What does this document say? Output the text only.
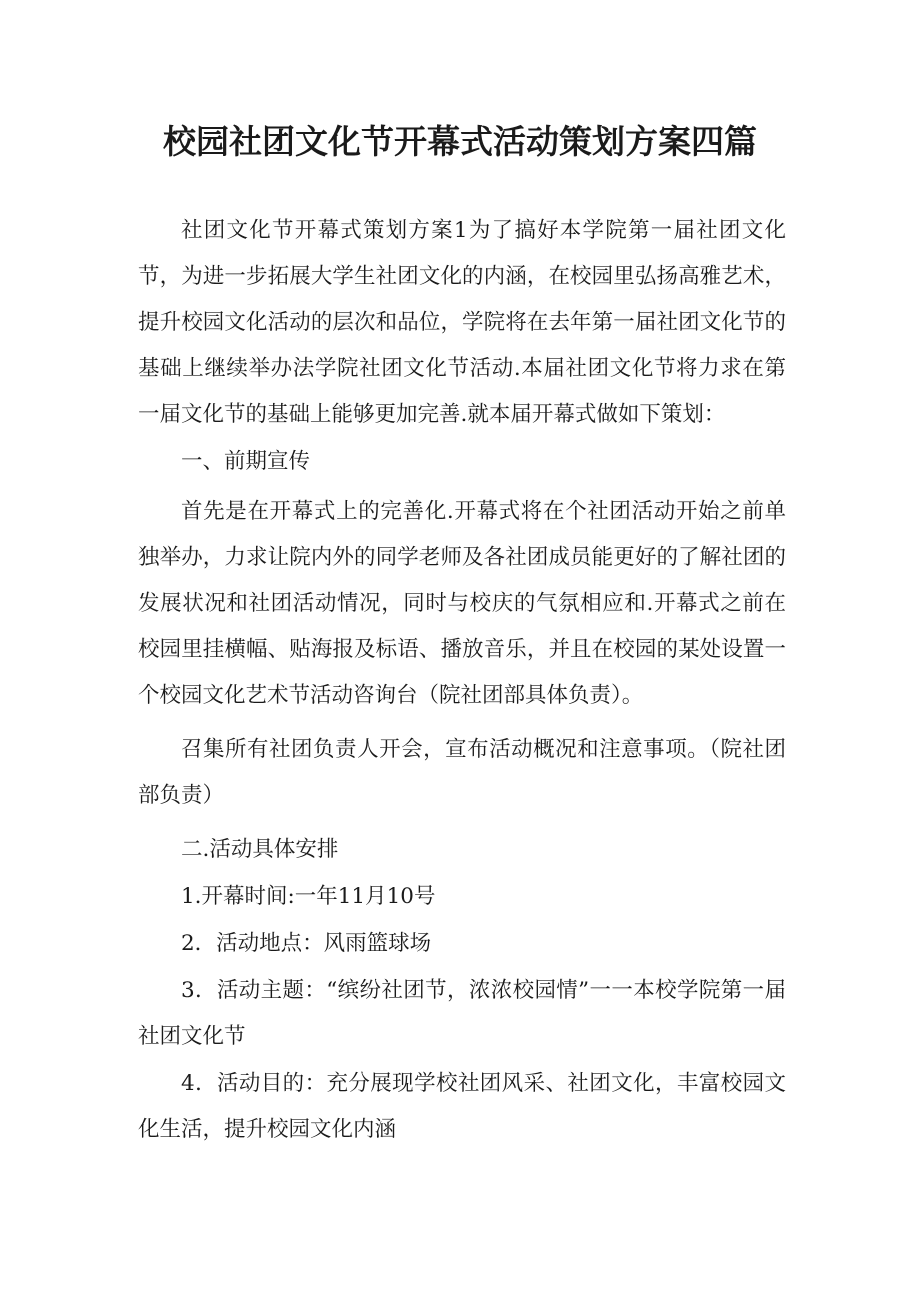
校园社团文化节开幕式活动策划方案四篇

社团文化节开幕式策划方案1为了搞好本学院第一届社团文化节，为进一步拓展大学生社团文化的内涵，在校园里弘扬高雅艺术，提升校园文化活动的层次和品位，学院将在去年第一届社团文化节的基础上继续举办法学院社团文化节活动.本届社团文化节将力求在第一届文化节的基础上能够更加完善.就本届开幕式做如下策划：

一、前期宣传

首先是在开幕式上的完善化.开幕式将在个社团活动开始之前单独举办，力求让院内外的同学老师及各社团成员能更好的了解社团的发展状况和社团活动情况，同时与校庆的气氛相应和.开幕式之前在校园里挂横幅、贴海报及标语、播放音乐，并且在校园的某处设置一个校园文化艺术节活动咨询台（院社团部具体负责）。

召集所有社团负责人开会，宣布活动概况和注意事项。（院社团部负责）

二.活动具体安排

1.开幕时间:一年11月10号

2．活动地点：风雨篮球场

3．活动主题：“缤纷社团节，浓浓校园情”一一本校学院第一届社团文化节

4．活动目的：充分展现学校社团风采、社团文化，丰富校园文化生活，提升校园文化内涵
